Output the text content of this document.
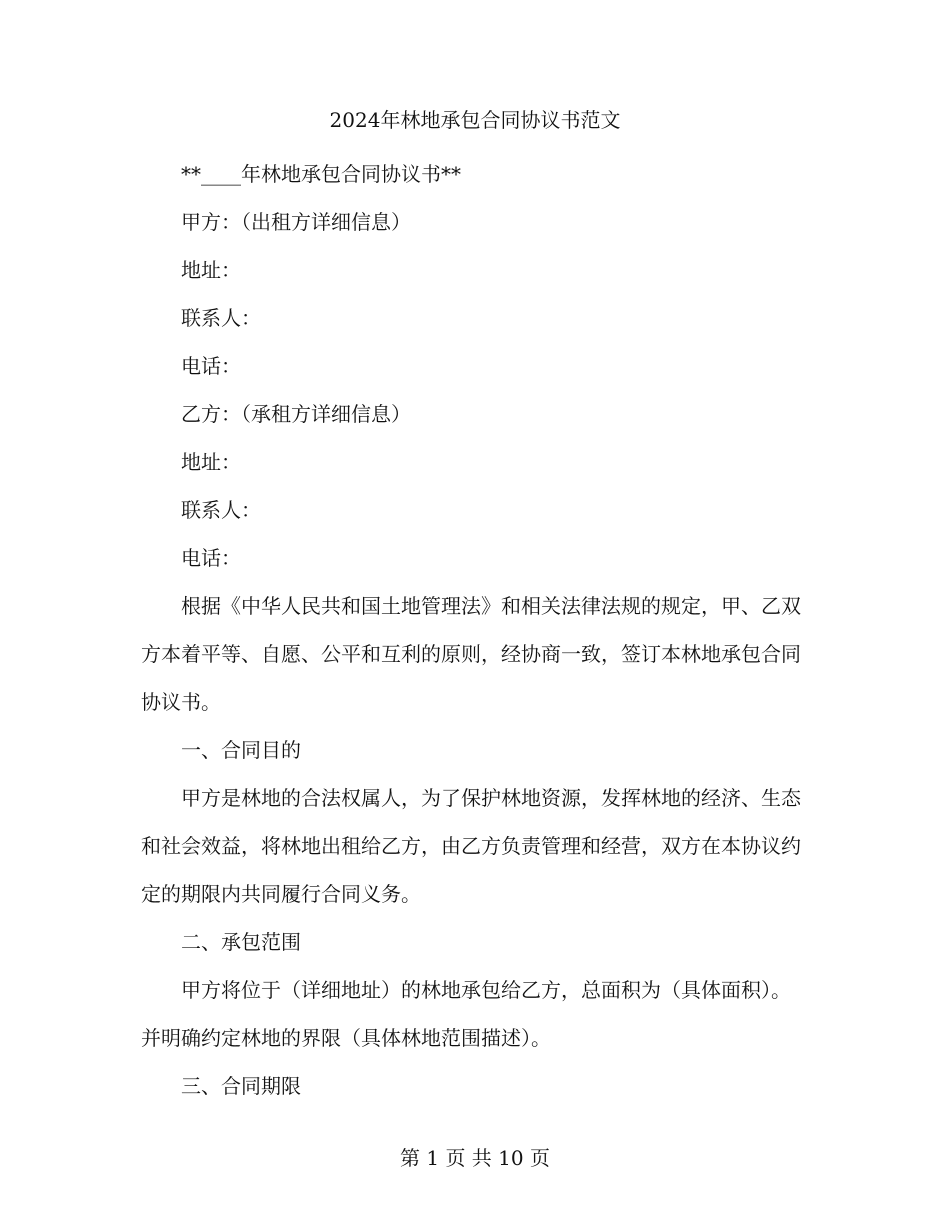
2024年林地承包合同协议书范文

**____年林地承包合同协议书**

甲方：（出租方详细信息）

地址：

联系人：

电话：

乙方：（承租方详细信息）

地址：

联系人：

电话：

根据《中华人民共和国土地管理法》和相关法律法规的规定，甲、乙双方本着平等、自愿、公平和互利的原则，经协商一致，签订本林地承包合同协议书。

一、合同目的

甲方是林地的合法权属人，为了保护林地资源，发挥林地的经济、生态和社会效益，将林地出租给乙方，由乙方负责管理和经营，双方在本协议约定的期限内共同履行合同义务。

二、承包范围

甲方将位于（详细地址）的林地承包给乙方，总面积为（具体面积）。并明确约定林地的界限（具体林地范围描述）。

三、合同期限

第 1 页 共 10 页
